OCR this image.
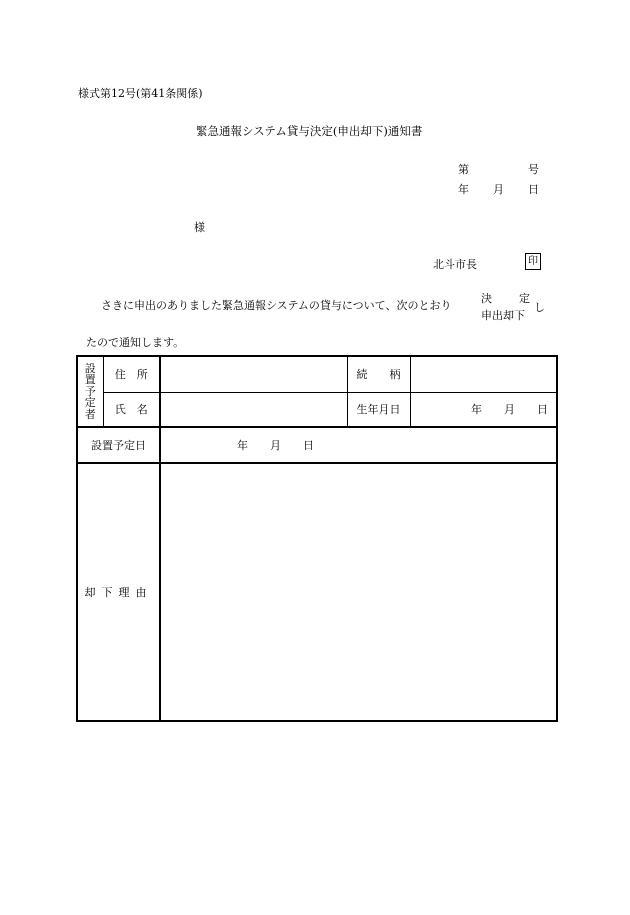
様式第12号(第41条関係)
緊急通報システム貸与決定(申出却下)通知書
第	号
年 月 日
様
北斗市長	印
さきに申出のありました緊急通報システムの貸与について、次のとおり
決 定
申出却下
し
たので通知します。
設
置
予
定
者	住　所		続　　柄	
	氏　名		生年月日	年　　月　　日
設置予定日		年　　月　　日		
却下理由				
